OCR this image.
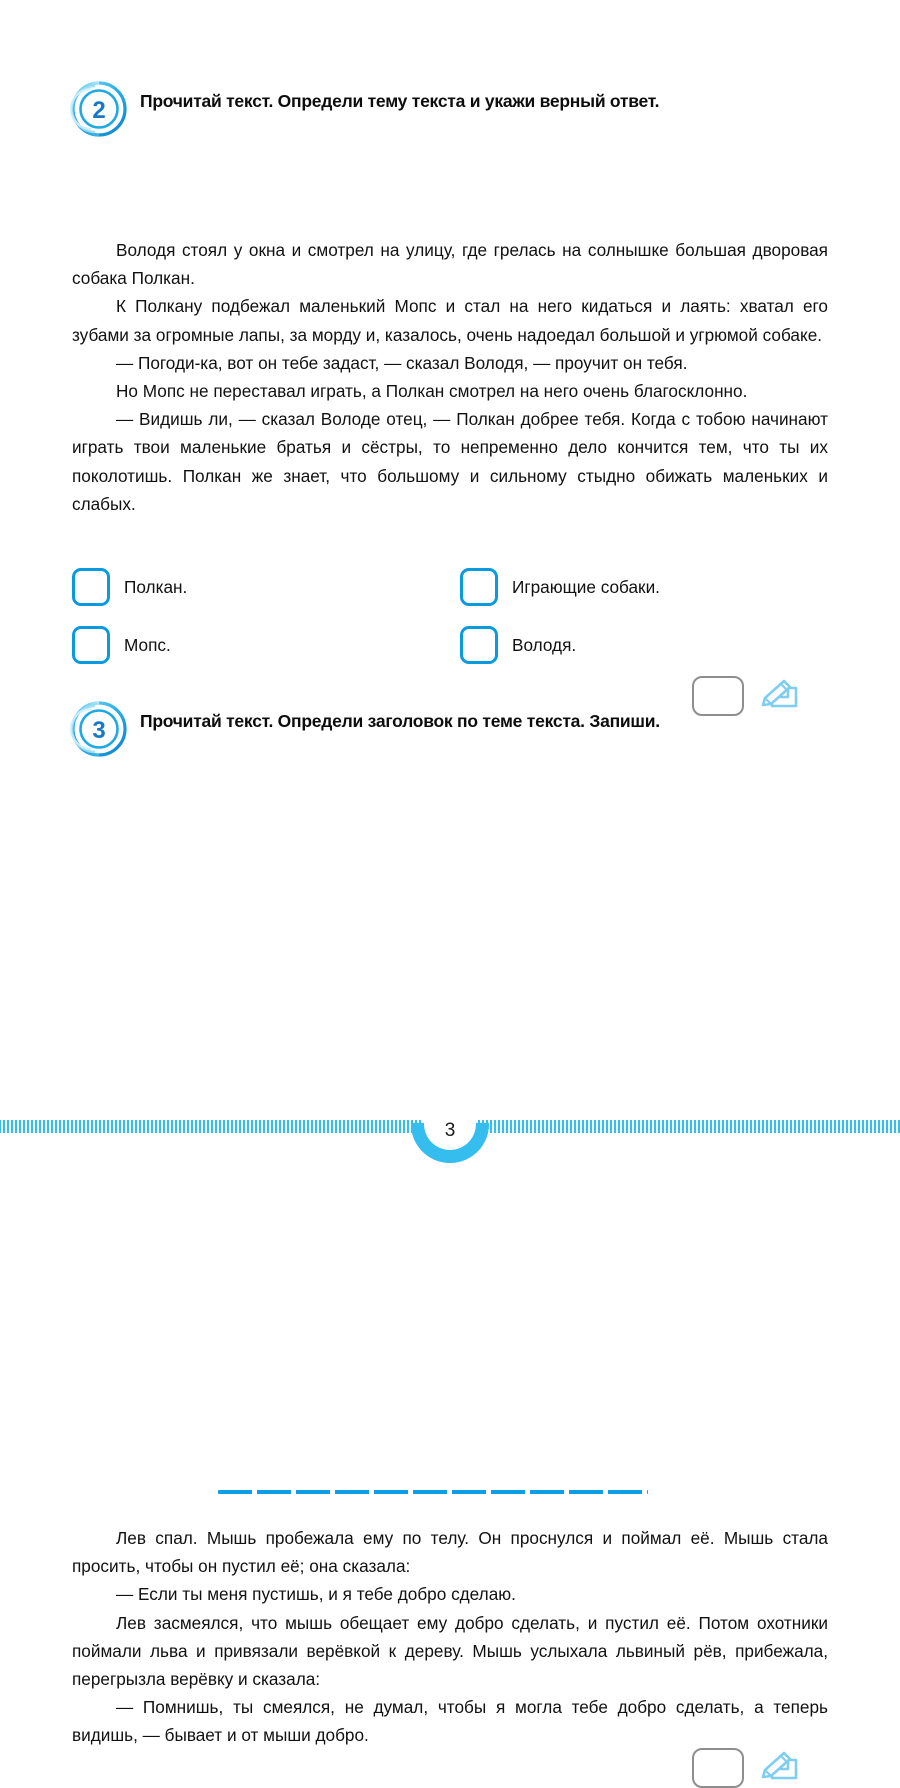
2 Прочитай текст. Определи тему текста и укажи верный ответ.

Володя стоял у окна и смотрел на улицу, где грелась на солнышке большая дворовая собака Полкан.

К Полкану подбежал маленький Мопс и стал на него кидаться и лаять: хватал его зубами за огромные лапы, за морду и, казалось, очень надоедал большой и угрюмой собаке.

— Погоди-ка, вот он тебе задаст, — сказал Володя, — проучит он тебя.

Но Мопс не переставал играть, а Полкан смотрел на него очень благосклонно.

— Видишь ли, — сказал Володе отец, — Полкан добрее тебя. Когда с тобою начинают играть твои маленькие братья и сёстры, то непременно дело кончится тем, что ты их поколотишь. Полкан же знает, что большому и сильному стыдно обижать маленьких и слабых.

Полкан.	Играющие собаки.
Мопс.	Володя.
3 Прочитай текст. Определи заголовок по теме текста. Запиши.

Лев спал. Мышь пробежала ему по телу. Он проснулся и поймал её. Мышь стала просить, чтобы он пустил её; она сказала:

— Если ты меня пустишь, и я тебе добро сделаю.

Лев засмеялся, что мышь обещает ему добро сделать, и пустил её. Потом охотники поймали льва и привязали верёвкой к дереву. Мышь услыхала львиный рёв, прибежала, перегрызла верёвку и сказала:

— Помнишь, ты смеялся, не думал, чтобы я могла тебе добро сделать, а теперь видишь, — бывает и от мыши добро.

3
